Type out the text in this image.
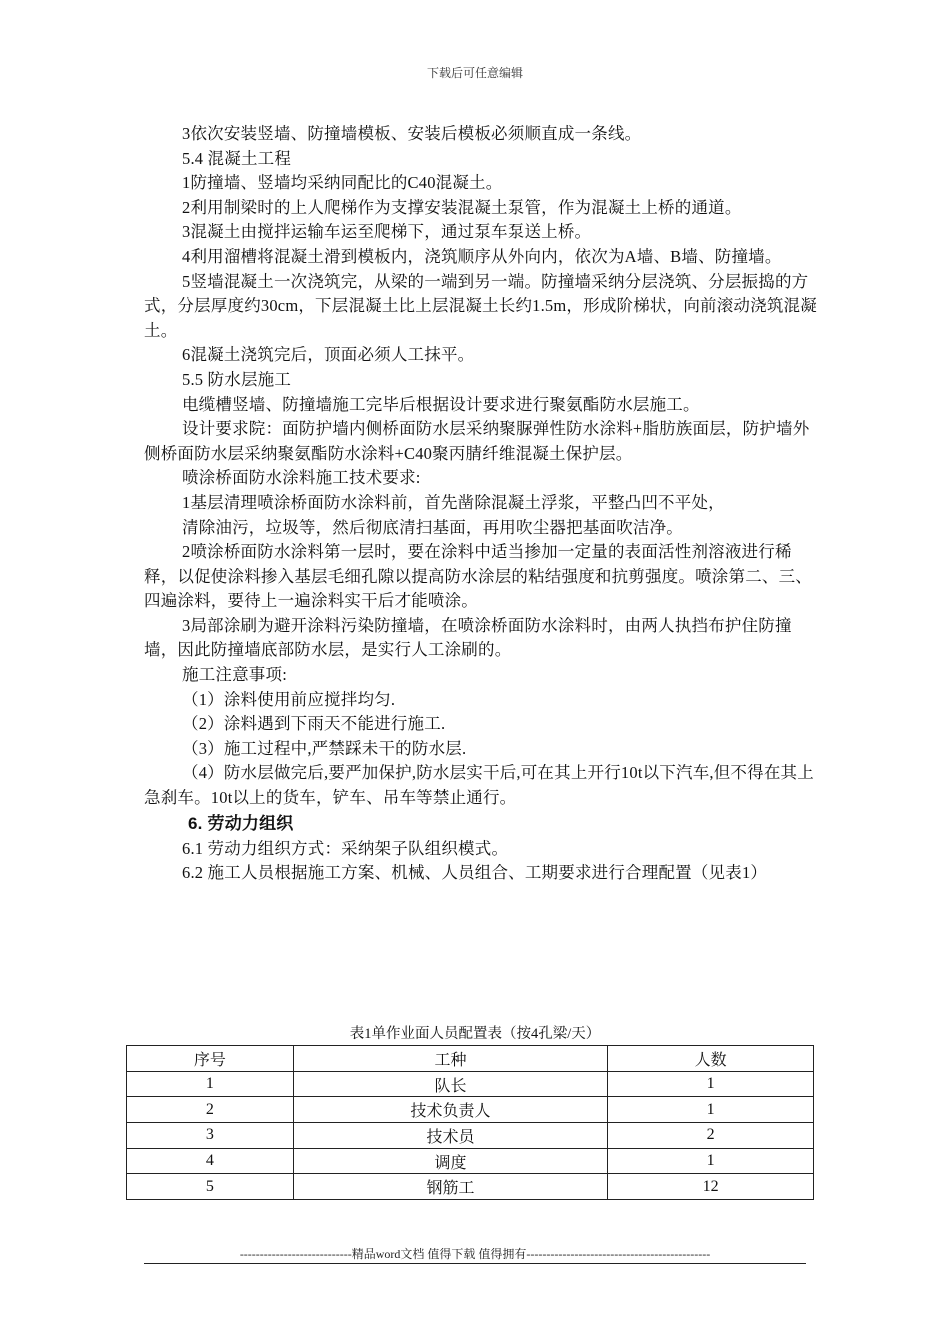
下载后可任意编辑

3依次安装竖墙、防撞墙模板、安装后模板必须顺直成一条线。

5.4 混凝土工程

1防撞墙、竖墙均采纳同配比的C40混凝土。

2利用制梁时的上人爬梯作为支撑安装混凝土泵管，作为混凝土上桥的通道。

3混凝土由搅拌运输车运至爬梯下，通过泵车泵送上桥。

4利用溜槽将混凝土滑到模板内，浇筑顺序从外向内，依次为A墙、B墙、防撞墙。

5竖墙混凝土一次浇筑完，从梁的一端到另一端。防撞墙采纳分层浇筑、分层振捣的方式，分层厚度约30cm，下层混凝土比上层混凝土长约1.5m，形成阶梯状，向前滚动浇筑混凝土。

6混凝土浇筑完后，顶面必须人工抹平。

5.5 防水层施工

电缆槽竖墙、防撞墙施工完毕后根据设计要求进行聚氨酯防水层施工。

设计要求院：面防护墙内侧桥面防水层采纳聚脲弹性防水涂料+脂肪族面层，防护墙外侧桥面防水层采纳聚氨酯防水涂料+C40聚丙腈纤维混凝土保护层。

喷涂桥面防水涂料施工技术要求:

1基层清理喷涂桥面防水涂料前，首先凿除混凝土浮浆，平整凸凹不平处，

清除油污，垃圾等，然后彻底清扫基面，再用吹尘器把基面吹洁净。

2喷涂桥面防水涂料第一层时，要在涂料中适当掺加一定量的表面活性剂溶液进行稀释，以促使涂料掺入基层毛细孔隙以提高防水涂层的粘结强度和抗剪强度。喷涂第二、三、四遍涂料，要待上一遍涂料实干后才能喷涂。

3局部涂刷为避开涂料污染防撞墙，在喷涂桥面防水涂料时，由两人执挡布护住防撞墙，因此防撞墙底部防水层，是实行人工涂刷的。

施工注意事项:

（1）涂料使用前应搅拌均匀.

（2）涂料遇到下雨天不能进行施工.

（3）施工过程中,严禁踩未干的防水层.

（4）防水层做完后,要严加保护,防水层实干后,可在其上开行10t以下汽车,但不得在其上急刹车。10t以上的货车，铲车、吊车等禁止通行。

6. 劳动力组织

6.1 劳动力组织方式：采纳架子队组织模式。

6.2 施工人员根据施工方案、机械、人员组合、工期要求进行合理配置（见表1）

表1单作业面人员配置表（按4孔梁/天）
序号	工种	人数
1	队长	1
2	技术负责人	1
3	技术员	2
4	调度	1
5	钢筋工	12
----------------------------精品word文档 值得下载 值得拥有----------------------------------------------
